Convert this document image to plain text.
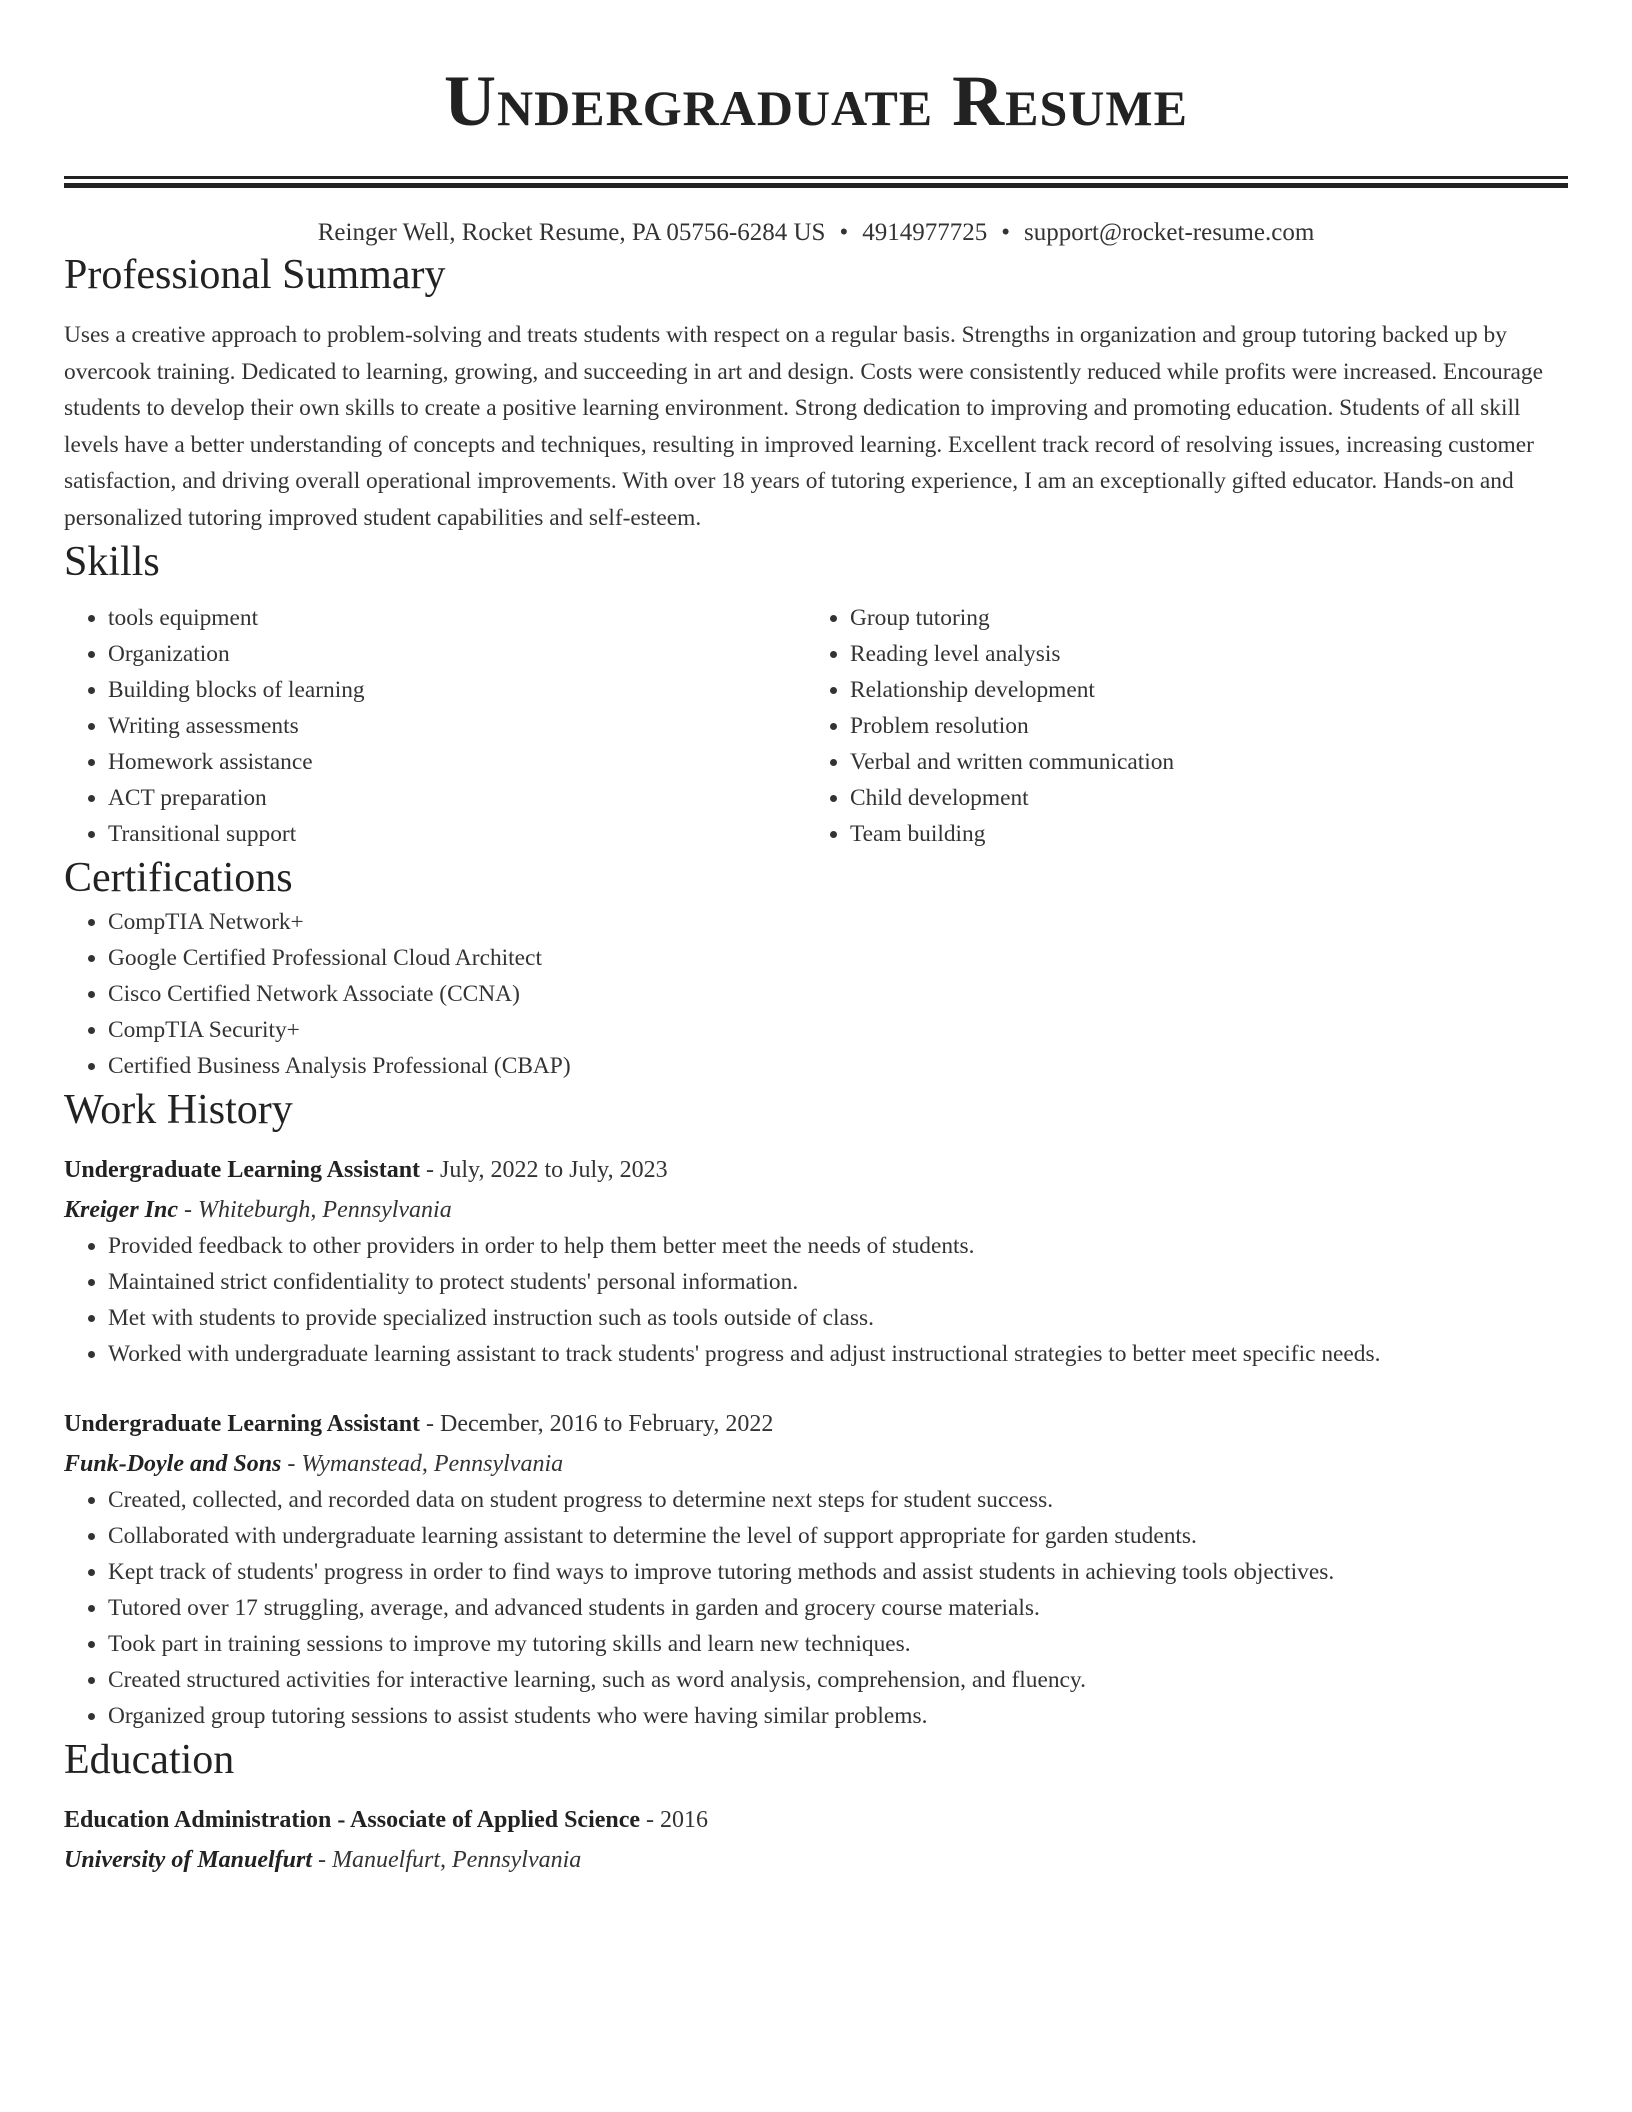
Undergraduate Resume
Reinger Well, Rocket Resume, PA 05756-6284 US • 4914977725 • support@rocket-resume.com
Professional Summary

Uses a creative approach to problem-solving and treats students with respect on a regular basis. Strengths in organization and group tutoring backed up by overcook training. Dedicated to learning, growing, and succeeding in art and design. Costs were consistently reduced while profits were increased. Encourage students to develop their own skills to create a positive learning environment. Strong dedication to improving and promoting education. Students of all skill levels have a better understanding of concepts and techniques, resulting in improved learning. Excellent track record of resolving issues, increasing customer satisfaction, and driving overall operational improvements. With over 18 years of tutoring experience, I am an exceptionally gifted educator. Hands-on and personalized tutoring improved student capabilities and self-esteem.

Skills
• tools equipment
• Organization
• Building blocks of learning
• Writing assessments
• Homework assistance
• ACT preparation
• Transitional support
• Group tutoring
• Reading level analysis
• Relationship development
• Problem resolution
• Verbal and written communication
• Child development
• Team building
Certifications
• CompTIA Network+
• Google Certified Professional Cloud Architect
• Cisco Certified Network Associate (CCNA)
• CompTIA Security+
• Certified Business Analysis Professional (CBAP)
Work History
Undergraduate Learning Assistant - July, 2022 to July, 2023
Kreiger Inc - Whiteburgh, Pennsylvania
• Provided feedback to other providers in order to help them better meet the needs of students.
• Maintained strict confidentiality to protect students' personal information.
• Met with students to provide specialized instruction such as tools outside of class.
• Worked with undergraduate learning assistant to track students' progress and adjust instructional strategies to better meet specific needs.
Undergraduate Learning Assistant - December, 2016 to February, 2022
Funk-Doyle and Sons - Wymanstead, Pennsylvania
• Created, collected, and recorded data on student progress to determine next steps for student success.
• Collaborated with undergraduate learning assistant to determine the level of support appropriate for garden students.
• Kept track of students' progress in order to find ways to improve tutoring methods and assist students in achieving tools objectives.
• Tutored over 17 struggling, average, and advanced students in garden and grocery course materials.
• Took part in training sessions to improve my tutoring skills and learn new techniques.
• Created structured activities for interactive learning, such as word analysis, comprehension, and fluency.
• Organized group tutoring sessions to assist students who were having similar problems.
Education
Education Administration - Associate of Applied Science - 2016
University of Manuelfurt - Manuelfurt, Pennsylvania
